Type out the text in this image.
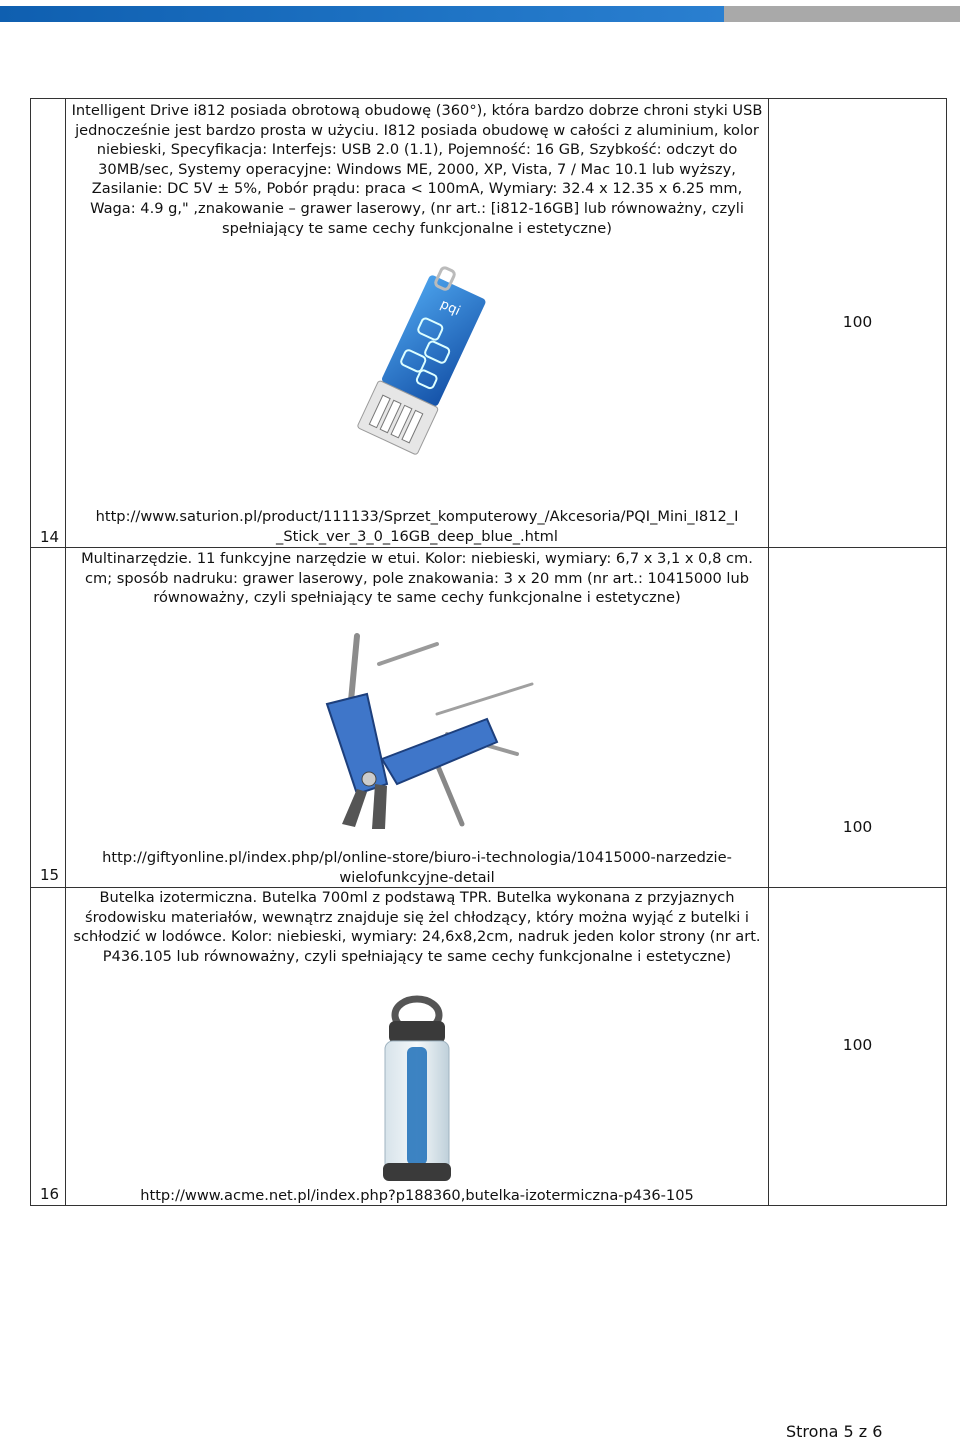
14	Intelligent Drive i812 posiada obrotową obudowę (360°), która bardzo dobrze chroni styki USB jednocześnie jest bardzo prosta w użyciu. I812 posiada obudowę w całości z aluminium, kolor niebieski, Specyfikacja: Interfejs: USB 2.0 (1.1), Pojemność: 16 GB, Szybkość: odczyt do 30MB/sec, Systemy operacyjne: Windows ME, 2000, XP, Vista, 7 / Mac 10.1 lub wyższy, Zasilanie: DC 5V ± 5%, Pobór prądu: praca < 100mA, Wymiary: 32.4 x 12.35 x 6.25 mm, Waga: 4.9 g," ,znakowanie – grawer laserowy, (nr art.: [i812-16GB] lub równoważny, czyli spełniający te same cechy funkcjonalne i estetyczne)
pqi
http://www.saturion.pl/product/111133/Sprzet_komputerowy_/Akcesoria/PQI_Mini_I812_I _Stick_ver_3_0_16GB_deep_blue_.html	100

15	Multinarzędzie. 11 funkcyjne narzędzie w etui. Kolor: niebieski, wymiary: 6,7 x 3,1 x 0,8 cm. cm; sposób nadruku: grawer laserowy, pole znakowania: 3 x 20 mm (nr art.: 10415000 lub równoważny, czyli spełniający te same cechy funkcjonalne i estetyczne)
http://giftyonline.pl/index.php/pl/online-store/biuro-i-technologia/10415000-narzedzie-wielofunkcyjne-detail	100

16	Butelka izotermiczna. Butelka 700ml z podstawą TPR. Butelka wykonana z przyjaznych środowisku materiałów, wewnątrz znajduje się żel chłodzący, który można wyjąć z butelki i schłodzić w lodówce. Kolor: niebieski, wymiary: 24,6x8,2cm, nadruk jeden kolor strony (nr art. P436.105 lub równoważny, czyli spełniający te same cechy funkcjonalne i estetyczne)
http://www.acme.net.pl/index.php?p188360,butelka-izotermiczna-p436-105	100
Strona 5 z 6
